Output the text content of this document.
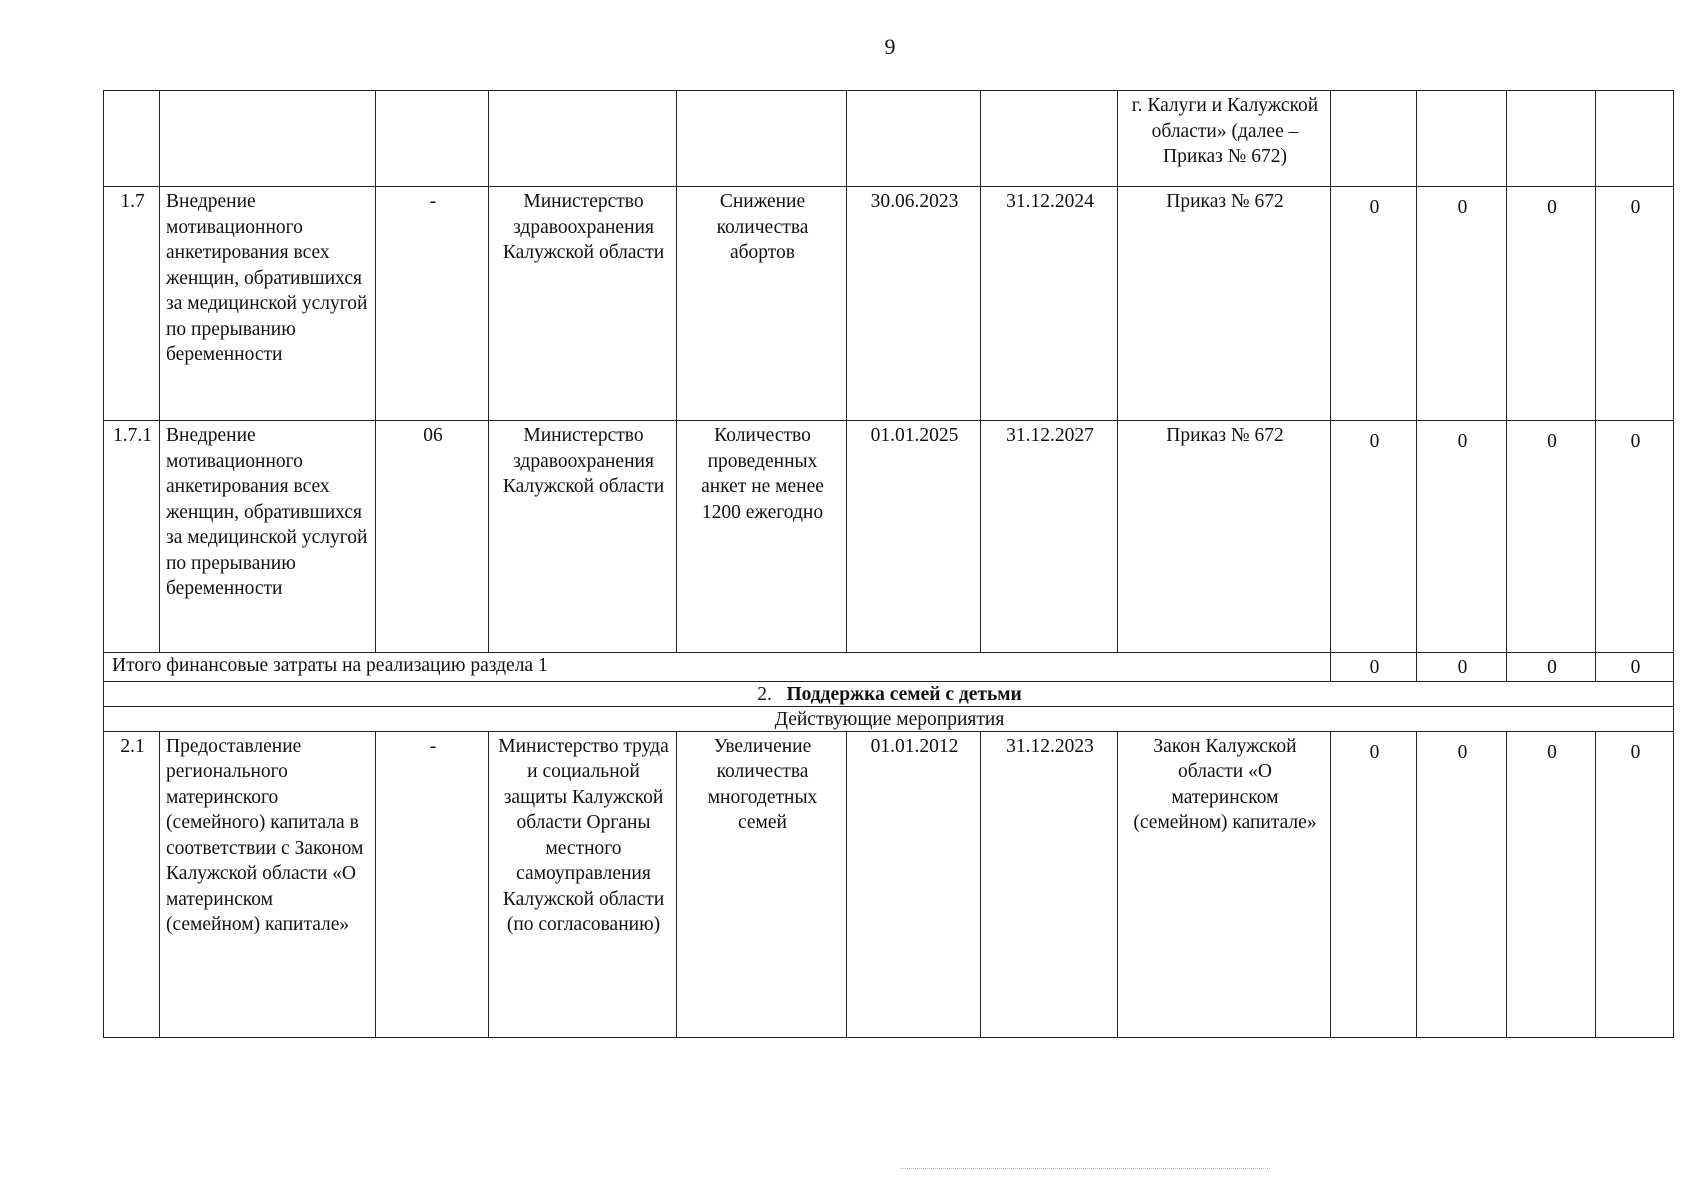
9
							г. Калуги и Калужской области» (далее – Приказ № 672)				
1.7	Внедрение мотивационного анкетирования всех женщин, обратившихся за медицинской услугой по прерыванию беременности	-	Министерство здравоохранения Калужской области	Снижение количества абортов	30.06.2023	31.12.2024	Приказ № 672	0	0	0	0
1.7.1	Внедрение мотивационного анкетирования всех женщин, обратившихся за медицинской услугой по прерыванию беременности	06	Министерство здравоохранения Калужской области	Количество проведенных анкет не менее 1200 ежегодно	01.01.2025	31.12.2027	Приказ № 672	0	0	0	0
Итого финансовые затраты на реализацию раздела 1								0	0	0	0
2. Поддержка семей с детьми											
Действующие мероприятия											
2.1	Предоставление регионального материнского (семейного) капитала в соответствии с Законом Калужской области «О материнском (семейном) капитале»	-	Министерство труда и социальной защиты Калужской области Органы местного самоуправления Калужской области (по согласованию)	Увеличение количества многодетных семей	01.01.2012	31.12.2023	Закон Калужской области «О материнском (семейном) капитале»	0	0	0	0
